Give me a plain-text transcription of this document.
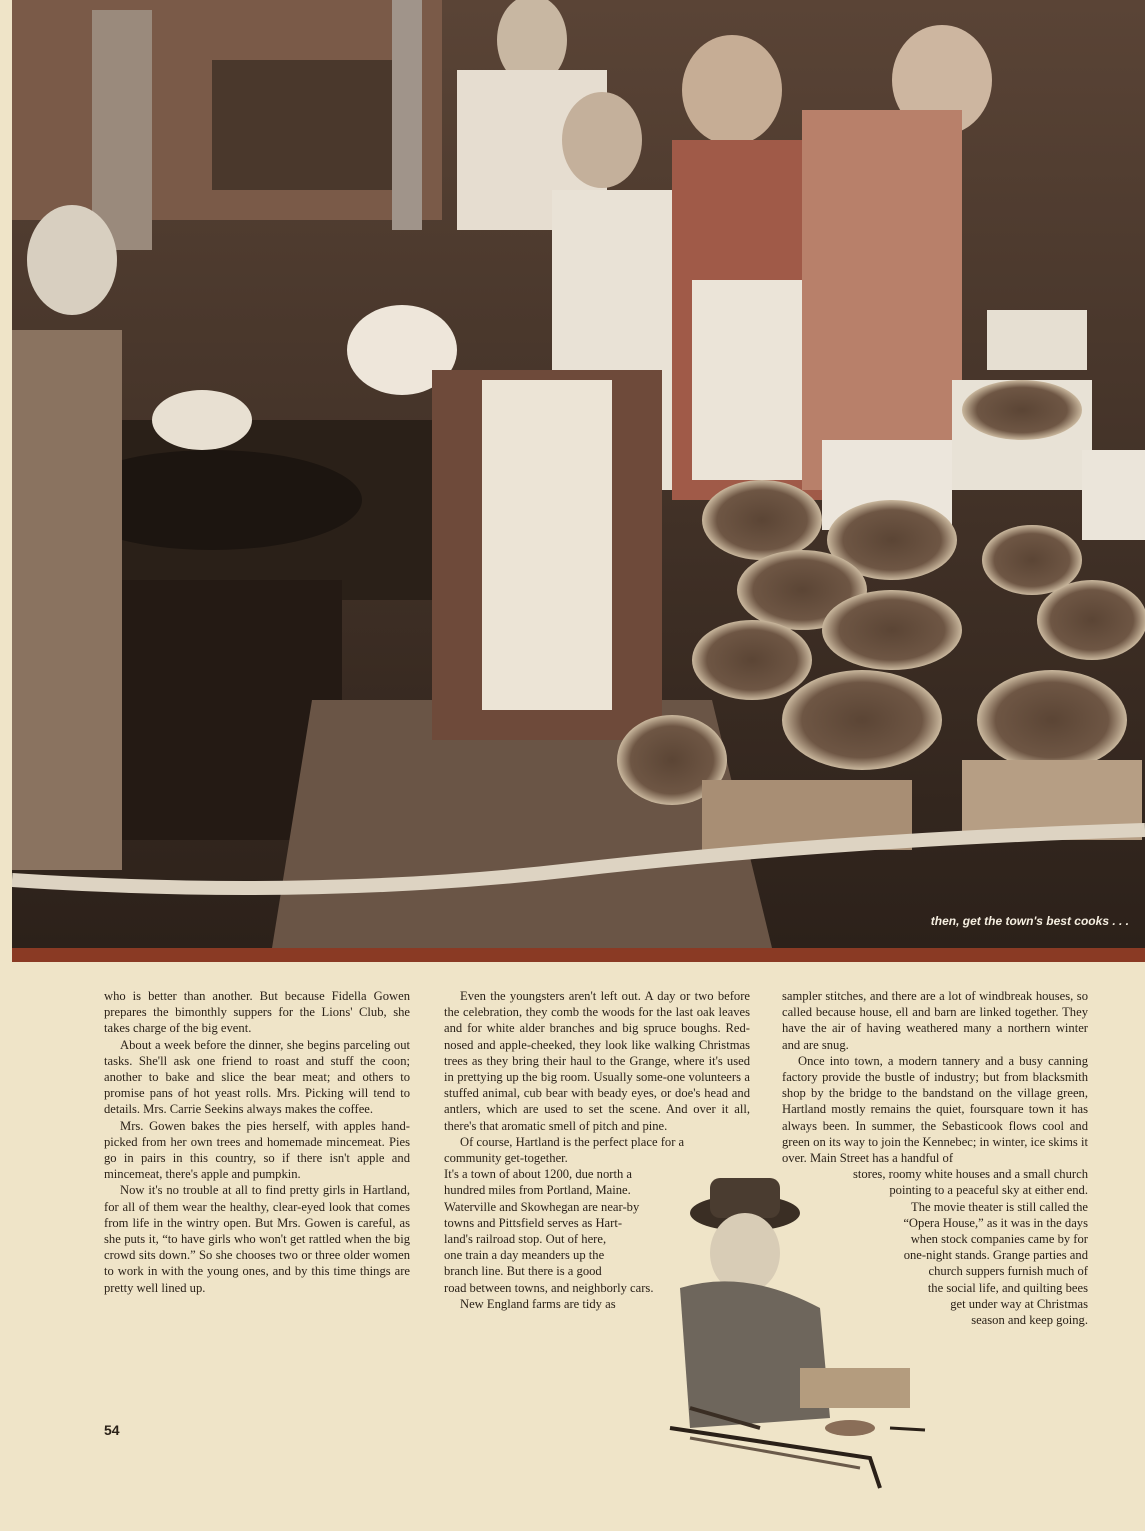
then, get the town's best cooks . . .

who is better than another. But because Fidella Gowen prepares the bimonthly suppers for the Lions' Club, she takes charge of the big event.

About a week before the dinner, she begins parceling out tasks. She'll ask one friend to roast and stuff the coon; another to bake and slice the bear meat; and others to promise pans of hot yeast rolls. Mrs. Picking will tend to details. Mrs. Carrie Seekins always makes the coffee.

Mrs. Gowen bakes the pies herself, with apples hand-picked from her own trees and homemade mincemeat. Pies go in pairs in this country, so if there isn't apple and mincemeat, there's apple and pumpkin.

Now it's no trouble at all to find pretty girls in Hartland, for all of them wear the healthy, clear-eyed look that comes from life in the wintry open. But Mrs. Gowen is careful, as she puts it, “to have girls who won't get rattled when the big crowd sits down.” So she chooses two or three older women to work in with the young ones, and by this time things are pretty well lined up.

Even the youngsters aren't left out. A day or two before the celebration, they comb the woods for the last oak leaves and for white alder branches and big spruce boughs. Red-nosed and apple-cheeked, they look like walking Christmas trees as they bring their haul to the Grange, where it's used in prettying up the big room. Usually some-one volunteers a stuffed animal, cub bear with beady eyes, or doe's head and antlers, which are used to set the scene. And over it all, there's that aromatic smell of pitch and pine.

Of course, Hartland is the perfect place for a community get-together.

It's a town of about 1200, due north a
hundred miles from Portland, Maine.
Waterville and Skowhegan are near-by
towns and Pittsfield serves as Hart-
land's railroad stop. Out of here,
one train a day meanders up the
branch line. But there is a good
road between towns, and neighborly cars.
New England farms are tidy as

sampler stitches, and there are a lot of windbreak houses, so called because house, ell and barn are linked together. They have the air of having weathered many a northern winter and are snug.

Once into town, a modern tannery and a busy canning factory provide the bustle of industry; but from blacksmith shop by the bridge to the bandstand on the village green, Hartland mostly remains the quiet, foursquare town it has always been. In summer, the Sebasticook flows cool and green on its way to join the Kennebec; in winter, ice skims it over. Main Street has a handful of

stores, roomy white houses and a small church
pointing to a peaceful sky at either end.
The movie theater is still called the
“Opera House,” as it was in the days
when stock companies came by for
one-night stands. Grange parties and
church suppers furnish much of
the social life, and quilting bees
get under way at Christmas
season and keep going.
54
